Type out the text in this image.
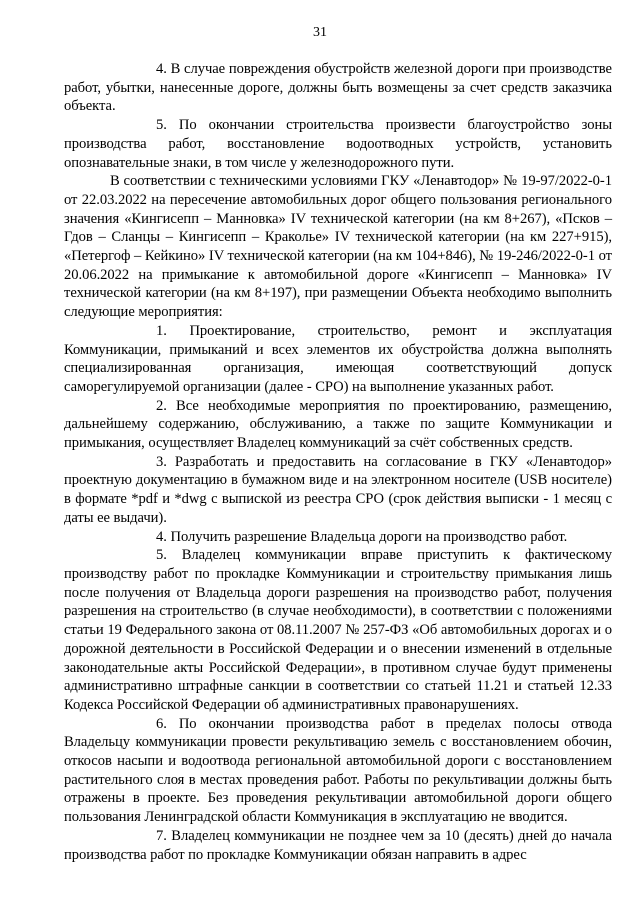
31

4. В случае повреждения обустройств железной дороги при производстве работ, убытки, нанесенные дороге, должны быть возмещены за счет средств заказчика объекта.

5. По окончании строительства произвести благоустройство зоны производства работ, восстановление водоотводных устройств, установить опознавательные знаки, в том числе у железнодорожного пути.

В соответствии с техническими условиями ГКУ «Ленавтодор» № 19-97/2022-0-1 от 22.03.2022 на пересечение автомобильных дорог общего пользования регионального значения «Кингисепп – Манновка» IV технической категории (на км 8+267), «Псков – Гдов – Сланцы – Кингисепп – Краколье» IV технической категории (на км 227+915), «Петергоф – Кейкино» IV технической категории (на км 104+846), № 19-246/2022-0-1 от 20.06.2022 на примыкание к автомобильной дороге «Кингисепп – Манновка» IV технической категории (на км 8+197), при размещении Объекта необходимо выполнить следующие мероприятия:

1. Проектирование, строительство, ремонт и эксплуатация Коммуникации, примыканий и всех элементов их обустройства должна выполнять специализированная организация, имеющая соответствующий допуск саморегулируемой организации (далее - СРО) на выполнение указанных работ.

2. Все необходимые мероприятия по проектированию, размещению, дальнейшему содержанию, обслуживанию, а также по защите Коммуникации и примыкания, осуществляет Владелец коммуникаций за счёт собственных средств.

3. Разработать и предоставить на согласование в ГКУ «Ленавтодор» проектную документацию в бумажном виде и на электронном носителе (USB носителе) в формате *pdf и *dwg с выпиской из реестра СРО (срок действия выписки - 1 месяц с даты ее выдачи).

4. Получить разрешение Владельца дороги на производство работ.

5. Владелец коммуникации вправе приступить к фактическому производству работ по прокладке Коммуникации и строительству примыкания лишь после получения от Владельца дороги разрешения на производство работ, получения разрешения на строительство (в случае необходимости), в соответствии с положениями статьи 19 Федерального закона от 08.11.2007 № 257-ФЗ «Об автомобильных дорогах и о дорожной деятельности в Российской Федерации и о внесении изменений в отдельные законодательные акты Российской Федерации», в противном случае будут применены административно штрафные санкции в соответствии со статьей 11.21 и статьей 12.33 Кодекса Российской Федерации об административных правонарушениях.

6. По окончании производства работ в пределах полосы отвода Владельцу коммуникации провести рекультивацию земель с восстановлением обочин, откосов насыпи и водоотвода региональной автомобильной дороги с восстановлением растительного слоя в местах проведения работ. Работы по рекультивации должны быть отражены в проекте. Без проведения рекультивации автомобильной дороги общего пользования Ленинградской области Коммуникация в эксплуатацию не вводится.

7. Владелец коммуникации не позднее чем за 10 (десять) дней до начала производства работ по прокладке Коммуникации обязан направить в адрес
